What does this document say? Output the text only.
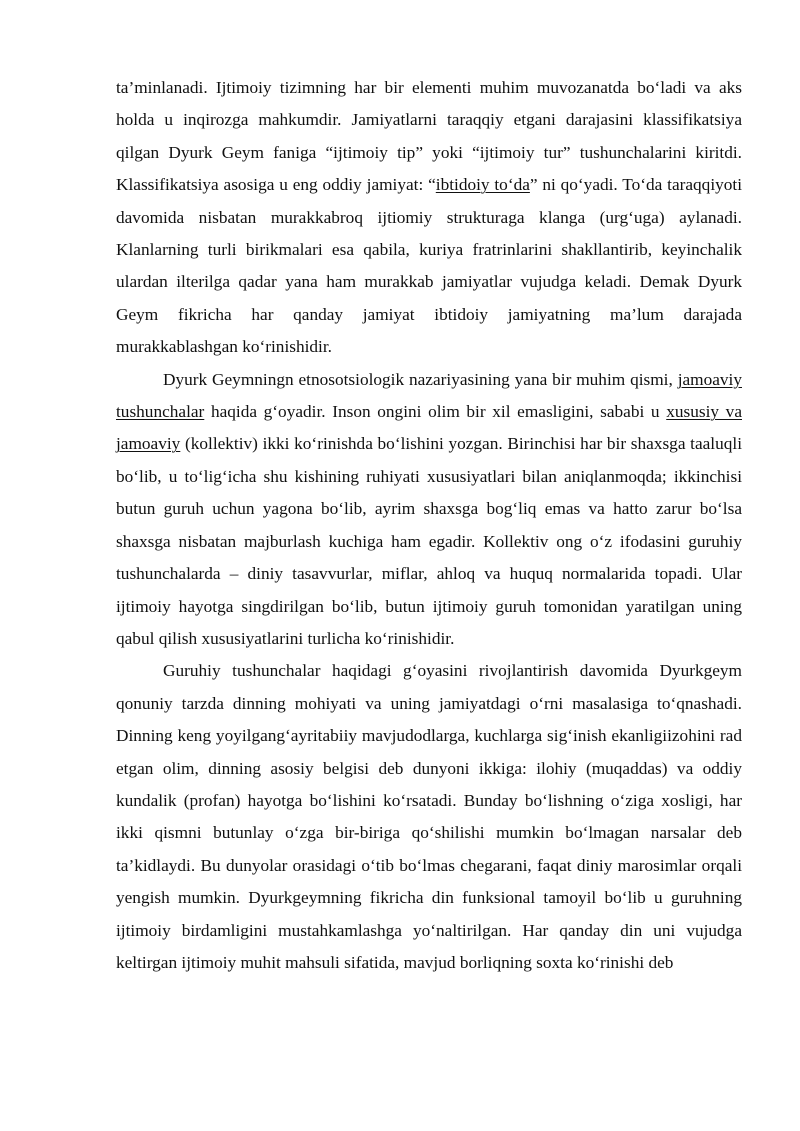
ta’minlanadi. Ijtimoiy tizimning har bir elementi muhim muvozanatda bo‘ladi va aks holda u inqirozga mahkumdir. Jamiyatlarni taraqqiy etgani darajasini klassifikatsiya qilgan Dyurk Geym faniga “ijtimoiy tip” yoki “ijtimoiy tur” tushunchalarini kiritdi. Klassifikatsiya asosiga u eng oddiy jamiyat: “ibtidoiy to‘da” ni qo‘yadi. To‘da taraqqiyoti davomida nisbatan murakkabroq ijtiomiy strukturaga klanga (urg‘uga) aylanadi. Klanlarning turli birikmalari esa qabila, kuriya fratrinlarini shakllantirib, keyinchalik ulardan ilterilga qadar yana ham murakkab jamiyatlar vujudga keladi. Demak Dyurk Geym fikricha har qanday jamiyat ibtidoiy jamiyatning ma’lum darajada murakkablashgan ko‘rinishidir.

Dyurk Geymningn etnosotsiologik nazariyasining yana bir muhim qismi, jamoaviy tushunchalar haqida g‘oyadir. Inson ongini olim bir xil emasligini, sababi u xususiy va jamoaviy (kollektiv) ikki ko‘rinishda bo‘lishini yozgan. Birinchisi har bir shaxsga taaluqli bo‘lib, u to‘lig‘icha shu kishining ruhiyati xususiyatlari bilan aniqlanmoqda; ikkinchisi butun guruh uchun yagona bo‘lib, ayrim shaxsga bog‘liq emas va hatto zarur bo‘lsa shaxsga nisbatan majburlash kuchiga ham egadir. Kollektiv ong o‘z ifodasini guruhiy tushunchalarda – diniy tasavvurlar, miflar, ahloq va huquq normalarida topadi. Ular ijtimoiy hayotga singdirilgan bo‘lib, butun ijtimoiy guruh tomonidan yaratilgan uning qabul qilish xususiyatlarini turlicha ko‘rinishidir.

Guruhiy tushunchalar haqidagi g‘oyasini rivojlantirish davomida Dyurkgeym qonuniy tarzda dinning mohiyati va uning jamiyatdagi o‘rni masalasiga to‘qnashadi. Dinning keng yoyilgang‘ayritabiiy mavjudodlarga, kuchlarga sig‘inish ekanligiizohini rad etgan olim, dinning asosiy belgisi deb dunyoni ikkiga: ilohiy (muqaddas) va oddiy kundalik (profan) hayotga bo‘lishini ko‘rsatadi. Bunday bo‘lishning o‘ziga xosligi, har ikki qismni butunlay o‘zga bir-biriga qo‘shilishi mumkin bo‘lmagan narsalar deb ta’kidlaydi. Bu dunyolar orasidagi o‘tib bo‘lmas chegarani, faqat diniy marosimlar orqali yengish mumkin. Dyurkgeymning fikricha din funksional tamoyil bo‘lib u guruhning ijtimoiy birdamligini mustahkamlashga yo‘naltirilgan. Har qanday din uni vujudga keltirgan ijtimoiy muhit mahsuli sifatida, mavjud borliqning soxta ko‘rinishi deb
